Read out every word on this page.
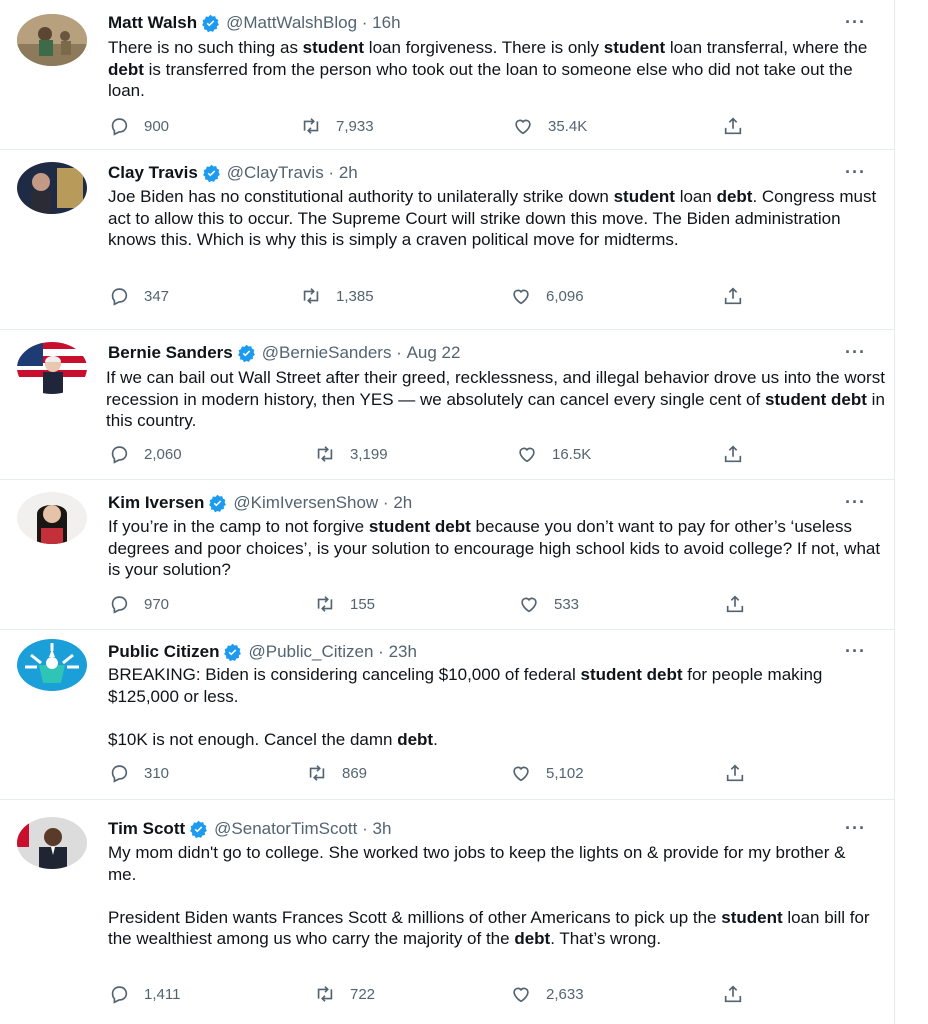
Matt Walsh @MattWalshBlog · 16h	···

There is no such thing as student loan forgiveness. There is only student loan transferral, where the debt is transferred from the person who took out the loan to someone else who did not take out the loan.

900	7,933	35.4K
Clay Travis @ClayTravis · 2h	···

Joe Biden has no constitutional authority to unilaterally strike down student loan debt. Congress must act to allow this to occur. The Supreme Court will strike down this move. The Biden administration knows this. Which is why this is simply a craven political move for midterms.

347	1,385	6,096
Bernie Sanders @BernieSanders · Aug 22	···

If we can bail out Wall Street after their greed, recklessness, and illegal behavior drove us into the worst recession in modern history, then YES — we absolutely can cancel every single cent of student debt in this country.

2,060	3,199	16.5K
Kim Iversen @KimIversenShow · 2h	···

If you’re in the camp to not forgive student debt because you don’t want to pay for other’s ‘useless degrees and poor choices’, is your solution to encourage high school kids to avoid college? If not, what is your solution?

970	155	533
Public Citizen @Public_Citizen · 23h	···

BREAKING: Biden is considering canceling $10,000 of federal student debt for people making $125,000 or less.

$10K is not enough. Cancel the damn debt.

310	869	5,102
Tim Scott @SenatorTimScott · 3h	···

My mom didn't go to college. She worked two jobs to keep the lights on & provide for my brother & me.

President Biden wants Frances Scott & millions of other Americans to pick up the student loan bill for the wealthiest among us who carry the majority of the debt. That’s wrong.

1,411	722	2,633
